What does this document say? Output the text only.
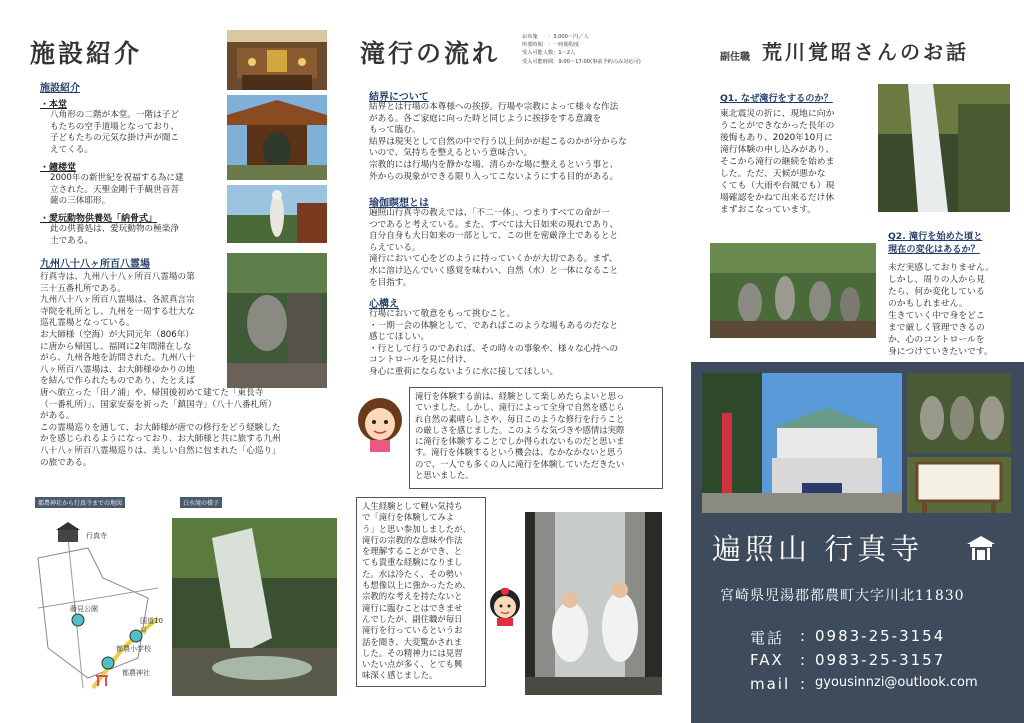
施設紹介
施設紹介
・本堂
八角形の二階が本堂。一階は子ど
もたちの空手道場となっており、
子どもたちの元気な掛け声が聞こ
えてくる。
・鐘楼堂
2000年の新世紀を祝福する為に建
立された。天聖金剛千手観世音菩
薩の三体耶形。
・愛玩動物供養処「納骨式」
此の供養処は、愛玩動物の極楽浄
土である。
九州八十八ヶ所百八霊場
行真寺は、九州八十八ヶ所百八霊場の第
三十五番札所である。
九州八十八ヶ所百八霊場は、各派真言宗
寺院を札所とし、九州を一周する壮大な
巡礼霊場となっている。
お大師様（空海）が大同元年（806年）
に唐から帰国し、福岡に2年間滞在しな
がら、九州各地を訪問された。九州八十
八ヶ所百八霊場は、お大師様ゆかりの地
を結んで作られたものであり、たとえば
唐へ旅立った「田ノ浦」や、帰国後初めて建てた「東長寺
（一番札所）」、国家安泰を祈った「鎮国寺」（八十八番札所）
がある。
この霊場巡りを通して、お大師様が唐での修行をどう経験した
かを感じられるようになっており、お大師様と共に旅する九州
八十八ヶ所百八霊場巡りは、美しい自然に包まれた「心巡り」
の旅である。
都農神社から行真寺までの地図
行真寺
藤見公園
国道10号
都農小学校
都農神社
白水滝の様子
滝行の流れ
お布施　　：3,000～円／人
所要時間　：一時間程度
受入可能人数：1～2人
受入可能時間：9:00～17:00(事前予約のみ対応可)
結界について
結界とは行場の本尊様への挨拶。行場や宗教によって様々な作法
がある。各ご家庭に向った時と同じように挨拶をする意識を
もって臨む。
結界は現実として自然の中で行う以上何かが起こるのかが分からな
いので、気持ちを整えるという意味合い。
宗教的には行場内を静かな場、清らかな場に整えるという事と、
外からの現象ができる限り入ってこないようにする目的がある。
瑜伽瞑想とは
遍照山行真寺の教えでは、「不二一体」、つまりすべての命が一
つであると考えている。また、すべては大日如来の現れであり、
自分自身も大日如来の一部として、この世を密厳浄土であるとと
らえている。
滝行において心をどのように持っていくかが大切である。まず、
水に溶け込んでいく感覚を味わい、自然（水）と一体になること
を目指す。
心構え
行場において敬意をもって挑むこと。
・一期一会の体験として、であればこのような場もあるのだなと
感じてほしい。
・行として行うのであれば、その時々の事象や、様々な心持への
コントロールを見に付け、
身心に重荷にならないように水に接してほしい。
滝行を体験する前は、経験として楽しめたらよいと思っ
ていました。しかし、滝行によって全身で自然を感じら
れ自然の素晴らしさや、毎日このような修行を行うこと
の厳しさを感じました。このような気づきや感情は実際
に滝行を体験することでしか得られないものだと思いま
す。滝行を体験するという機会は、なかなかないと思う
ので、一人でも多くの人に滝行を体験していただきたい
と思いました。
人生経験として軽い気持ち
で「滝行を体験してみよ
う」と思い参加しましたが、
滝行の宗教的な意味や作法
を理解することができ、と
ても貴重な経験になりまし
た。水は冷たく、その勢い
も想像以上に強かったため、
宗教的な考えを持たないと
滝行に臨むことはできませ
んでしたが、副住職が毎日
滝行を行っているというお
話を聞き、大変驚かされま
した。その精神力には見習
いたい点が多く、とても興
味深く感じました。
副住職 荒川覚昭さんのお話
Q1. なぜ滝行をするのか？
東北震災の折に、現地に向か
うことができなかった長年の
後悔もあり、2020年10月に
滝行体験の申し込みがあり、
そこから滝行の継続を始めま
した。ただ、天候が悪かな
くても（大雨や台風でも）現
場確認をかねて出来るだけ休
まずおこなっています。
Q2. 滝行を始めた頃と
現在の変化はあるか？
未だ実感しておりません。
しかし、周りの人から見
たら、何か変化している
のかもしれません。
生きていく中で身をどこ
まで厳しく管理できるの
か、心のコントロールを
身につけていきたいです。
遍照山 行真寺
宮崎県児湯郡都農町大字川北11830
電話	: 0983-25-3154
FAX	: 0983-25-3157
mail : gyousinnzi@outlook.com
